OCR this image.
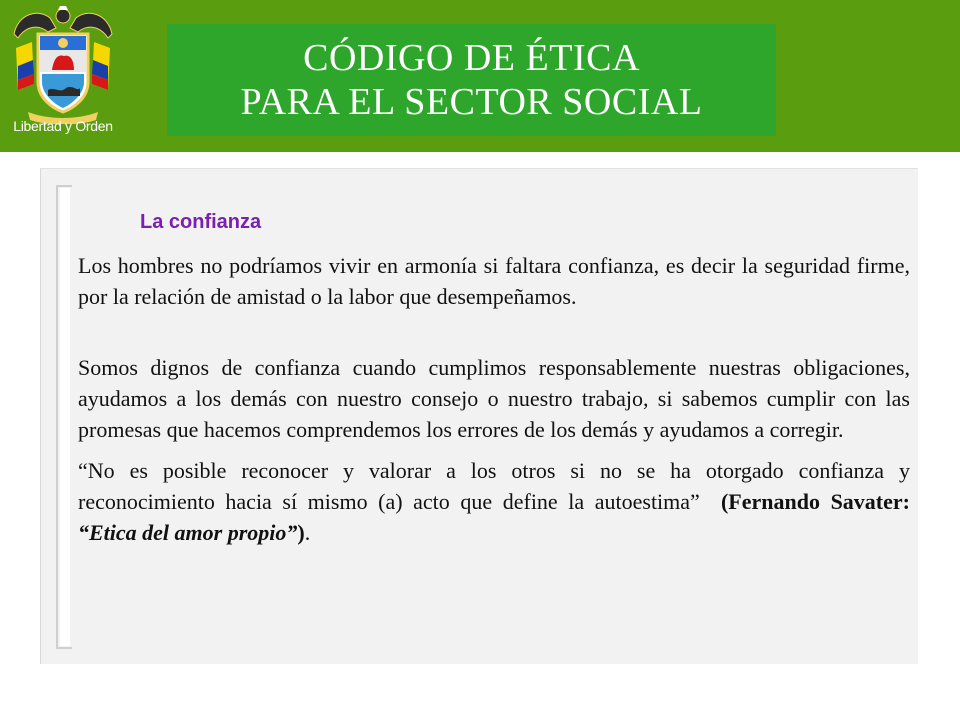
Libertad y Orden
CÓDIGO DE ÉTICA
PARA EL SECTOR SOCIAL
La confianza

Los hombres no podríamos vivir en armonía si faltara confianza, es decir la seguridad firme, por la relación de amistad o la labor que desempeñamos.

Somos dignos de confianza cuando cumplimos responsablemente nuestras obligaciones, ayudamos a los demás con nuestro consejo o nuestro trabajo, si sabemos cumplir con las promesas que hacemos comprendemos los errores de los demás y ayudamos a corregir.

“No es posible reconocer y valorar a los otros si no se ha otorgado confianza y reconocimiento hacia sí mismo (a) acto que define la autoestima” (Fernando Savater: “Etica del amor propio”).
